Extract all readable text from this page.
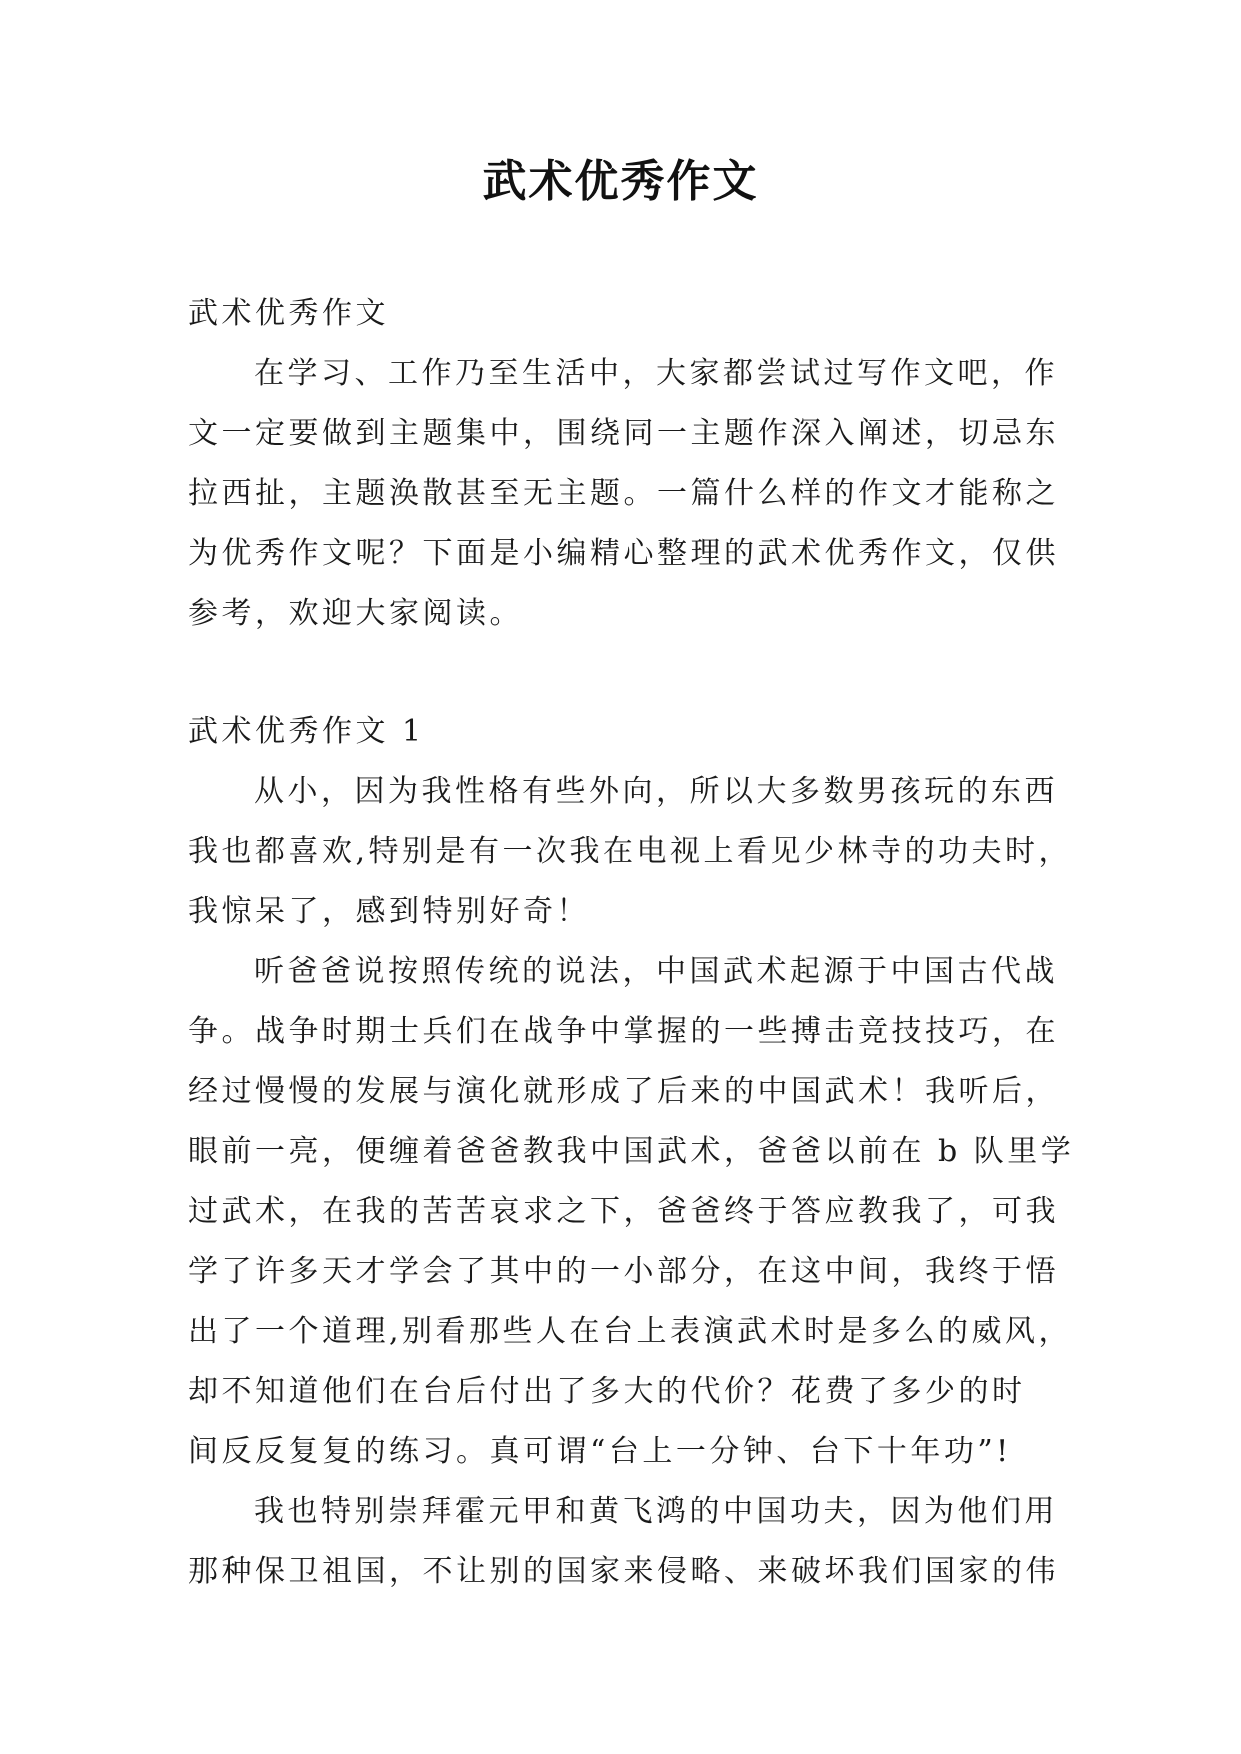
武术优秀作文
武术优秀作文
在学习、工作乃至生活中，大家都尝试过写作文吧，作
文一定要做到主题集中，围绕同一主题作深入阐述，切忌东
拉西扯，主题涣散甚至无主题。一篇什么样的作文才能称之
为优秀作文呢？下面是小编精心整理的武术优秀作文，仅供
参考，欢迎大家阅读。
武术优秀作文 1
从小，因为我性格有些外向，所以大多数男孩玩的东西
我也都喜欢,特别是有一次我在电视上看见少林寺的功夫时，
我惊呆了，感到特别好奇！
听爸爸说按照传统的说法，中国武术起源于中国古代战
争。战争时期士兵们在战争中掌握的一些搏击竞技技巧，在
经过慢慢的发展与演化就形成了后来的中国武术！我听后，
眼前一亮，便缠着爸爸教我中国武术，爸爸以前在 b 队里学
过武术，在我的苦苦哀求之下，爸爸终于答应教我了，可我
学了许多天才学会了其中的一小部分，在这中间，我终于悟
出了一个道理,别看那些人在台上表演武术时是多么的威风，
却不知道他们在台后付出了多大的代价？花费了多少的时
间反反复复的练习。真可谓“台上一分钟、台下十年功”!
我也特别崇拜霍元甲和黄飞鸿的中国功夫，因为他们用
那种保卫祖国，不让别的国家来侵略、来破坏我们国家的伟
